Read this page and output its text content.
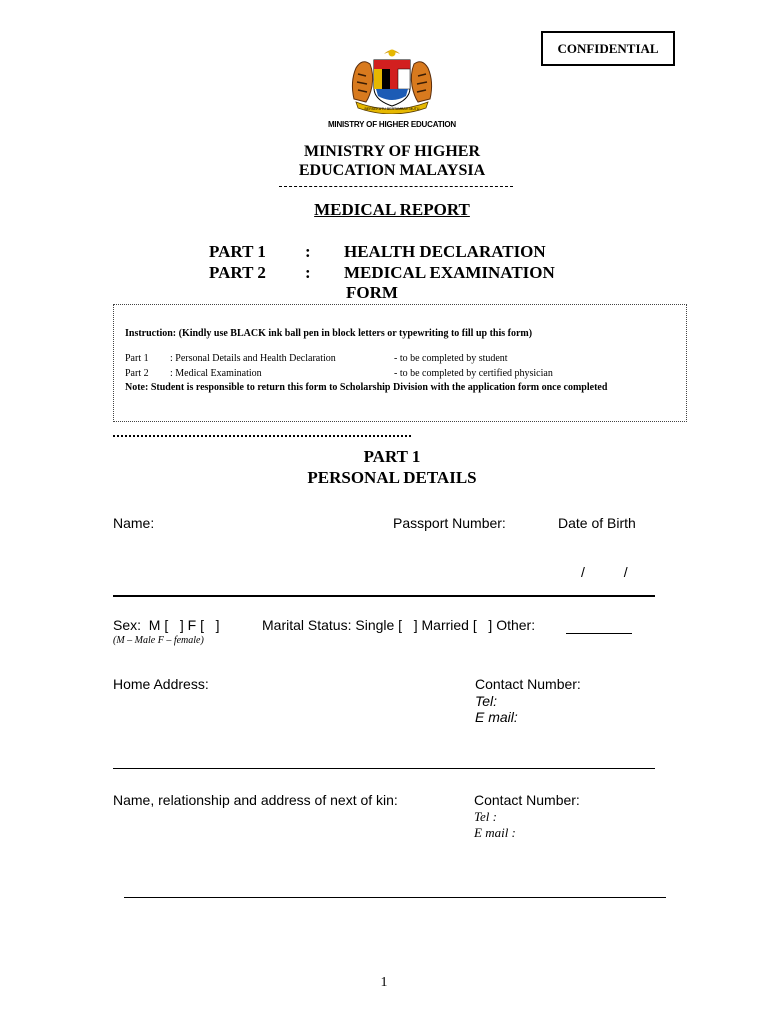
CONFIDENTIAL
BERSEKUTU BERTAMBAH MUTU
MINISTRY OF HIGHER EDUCATION
MINISTRY OF HIGHER
EDUCATION MALAYSIA
MEDICAL REPORT
PART 1 : HEALTH DECLARATION
PART 2 : MEDICAL EXAMINATION
FORM
Instruction: (Kindly use BLACK ink ball pen in block letters or typewriting to fill up this form)
Part 1 : Personal Details and Health Declaration	- to be completed by student
Part 2 : Medical Examination	- to be completed by certified physician
Note: Student is responsible to return this form to Scholarship Division with the application form once completed
PART 1
PERSONAL DETAILS
Name:	Passport Number:	Date of Birth
/          /
Sex:  M [   ] F [   ]	Marital Status: Single [   ] Married [   ] Other:
(M – Male F – female)
Home Address:	Contact Number:
Tel:
E mail:
Name, relationship and address of next of kin:	Contact Number:
Tel :
E mail :
1
